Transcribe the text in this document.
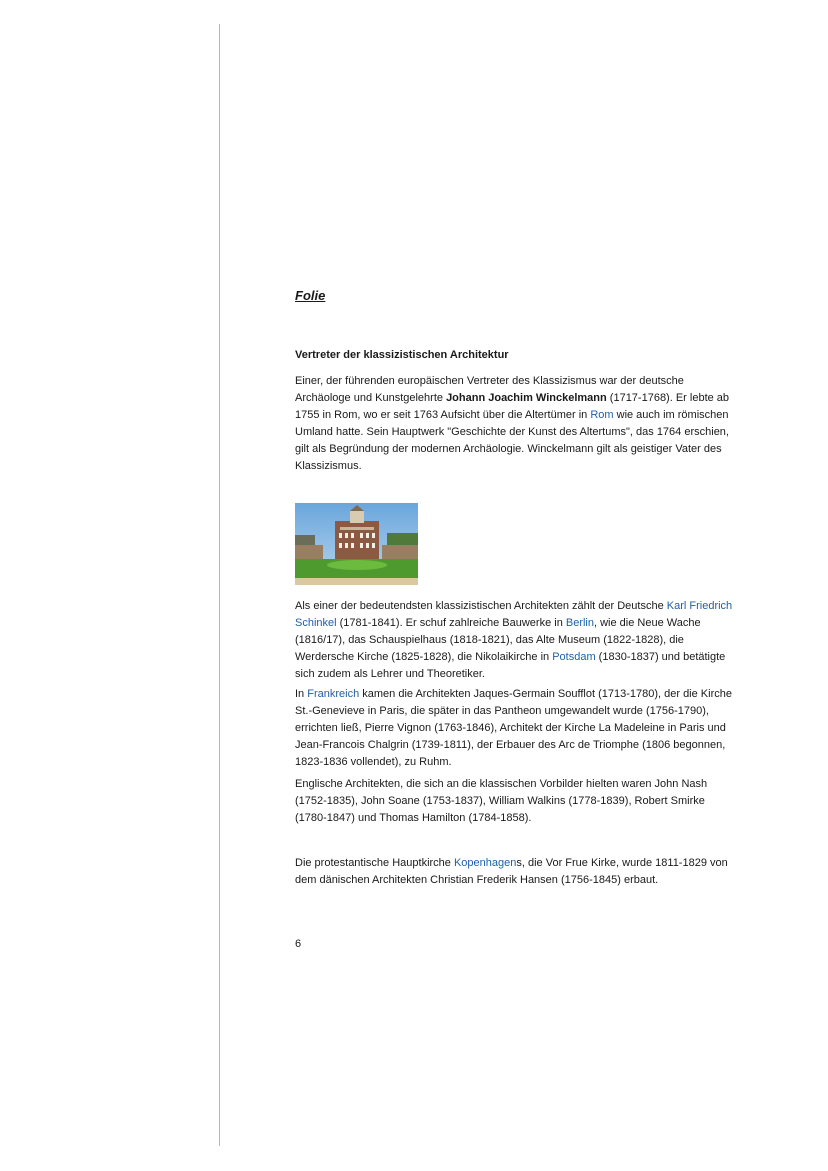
Folie

Vertreter der klassizistischen Architektur

Einer, der führenden europäischen Vertreter des Klassizismus war der deutsche Archäologe und Kunstgelehrte Johann Joachim Winckelmann (1717-1768). Er lebte ab 1755 in Rom, wo er seit 1763 Aufsicht über die Altertümer in Rom wie auch im römischen Umland hatte. Sein Hauptwerk "Geschichte der Kunst des Altertums", das 1764 erschien, gilt als Begründung der modernen Archäologie. Winckelmann gilt als geistiger Vater des Klassizismus.

Als einer der bedeutendsten klassizistischen Architekten zählt der Deutsche Karl Friedrich Schinkel (1781-1841). Er schuf zahlreiche Bauwerke in Berlin, wie die Neue Wache (1816/17), das Schauspielhaus (1818-1821), das Alte Museum (1822-1828), die Werdersche Kirche (1825-1828), die Nikolaikirche in Potsdam (1830-1837) und betätigte sich zudem als Lehrer und Theoretiker.

In Frankreich kamen die Architekten Jaques-Germain Soufflot (1713-1780), der die Kirche St.-Genevieve in Paris, die später in das Pantheon umgewandelt wurde (1756-1790), errichten ließ, Pierre Vignon (1763-1846), Architekt der Kirche La Madeleine in Paris und Jean-Francois Chalgrin (1739-1811), der Erbauer des Arc de Triomphe (1806 begonnen, 1823-1836 vollendet), zu Ruhm.

Englische Architekten, die sich an die klassischen Vorbilder hielten waren John Nash (1752-1835), John Soane (1753-1837), William Walkins (1778-1839), Robert Smirke (1780-1847) und Thomas Hamilton (1784-1858).

Die protestantische Hauptkirche Kopenhagens, die Vor Frue Kirke, wurde 1811-1829 von dem dänischen Architekten Christian Frederik Hansen (1756-1845) erbaut.

6
